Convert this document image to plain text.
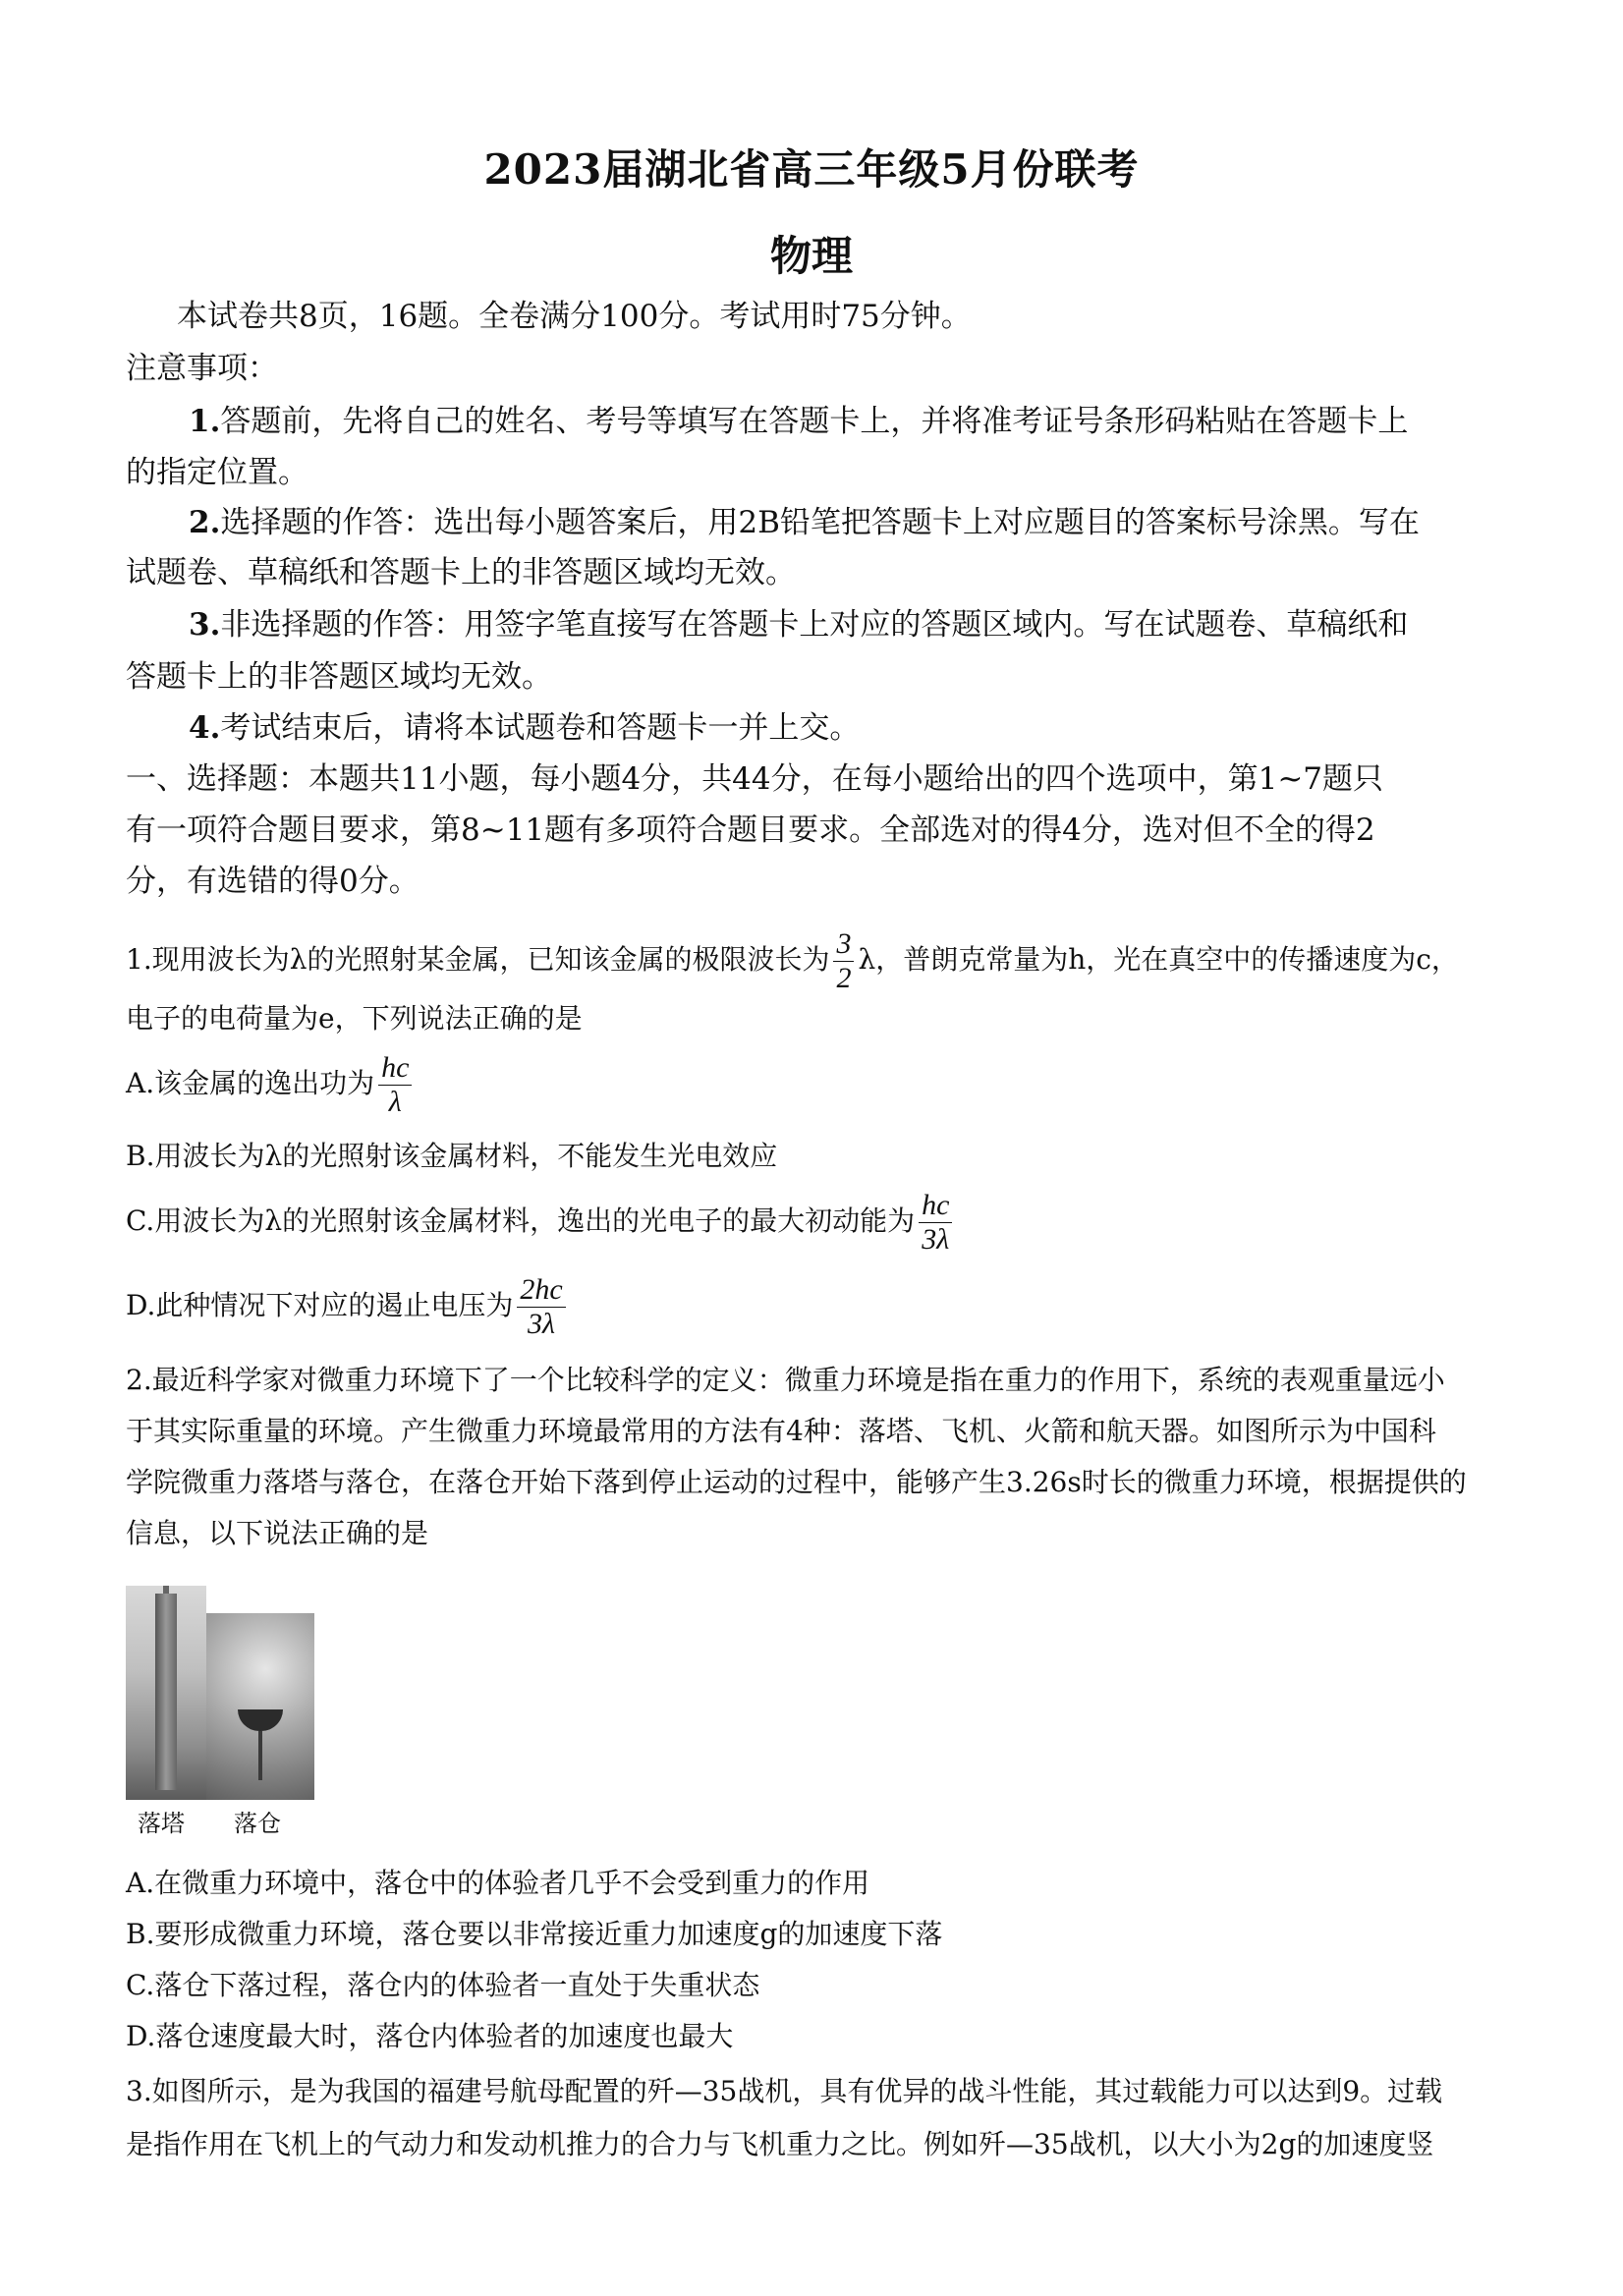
2023届湖北省高三年级5月份联考
物理
本试卷共8页，16题。全卷满分100分。考试用时75分钟。
注意事项：
1.答题前，先将自己的姓名、考号等填写在答题卡上，并将准考证号条形码粘贴在答题卡上
的指定位置。
2.选择题的作答：选出每小题答案后，用2B铅笔把答题卡上对应题目的答案标号涂黑。写在
试题卷、草稿纸和答题卡上的非答题区域均无效。
3.非选择题的作答：用签字笔直接写在答题卡上对应的答题区域内。写在试题卷、草稿纸和
答题卡上的非答题区域均无效。
4.考试结束后，请将本试题卷和答题卡一并上交。
一、选择题：本题共11小题，每小题4分，共44分，在每小题给出的四个选项中，第1~7题只
有一项符合题目要求，第8~11题有多项符合题目要求。全部选对的得4分，选对但不全的得2
分，有选错的得0分。
1.现用波长为λ的光照射某金属，已知该金属的极限波长为 $\frac{3}{2}$ λ，普朗克常量为h，光在真空中的传播速度为c，
电子的电荷量为e，下列说法正确的是
A.该金属的逸出功为 $\frac{hc}{\lambda}$
B.用波长为λ的光照射该金属材料，不能发生光电效应
C.用波长为λ的光照射该金属材料，逸出的光电子的最大初动能为 $\frac{hc}{3\lambda}$
D.此种情况下对应的遏止电压为 $\frac{2hc}{3\lambda}$
2.最近科学家对微重力环境下了一个比较科学的定义：微重力环境是指在重力的作用下，系统的表观重量远小
于其实际重量的环境。产生微重力环境最常用的方法有4种：落塔、飞机、火箭和航天器。如图所示为中国科
学院微重力落塔与落仓，在落仓开始下落到停止运动的过程中，能够产生3.26s时长的微重力环境，根据提供的
信息，以下说法正确的是
落塔 落仓
A.在微重力环境中，落仓中的体验者几乎不会受到重力的作用
B.要形成微重力环境，落仓要以非常接近重力加速度g的加速度下落
C.落仓下落过程，落仓内的体验者一直处于失重状态
D.落仓速度最大时，落仓内体验者的加速度也最大
3.如图所示，是为我国的福建号航母配置的歼—35战机，具有优异的战斗性能，其过载能力可以达到9。过载
是指作用在飞机上的气动力和发动机推力的合力与飞机重力之比。例如歼—35战机，以大小为2g的加速度竖
